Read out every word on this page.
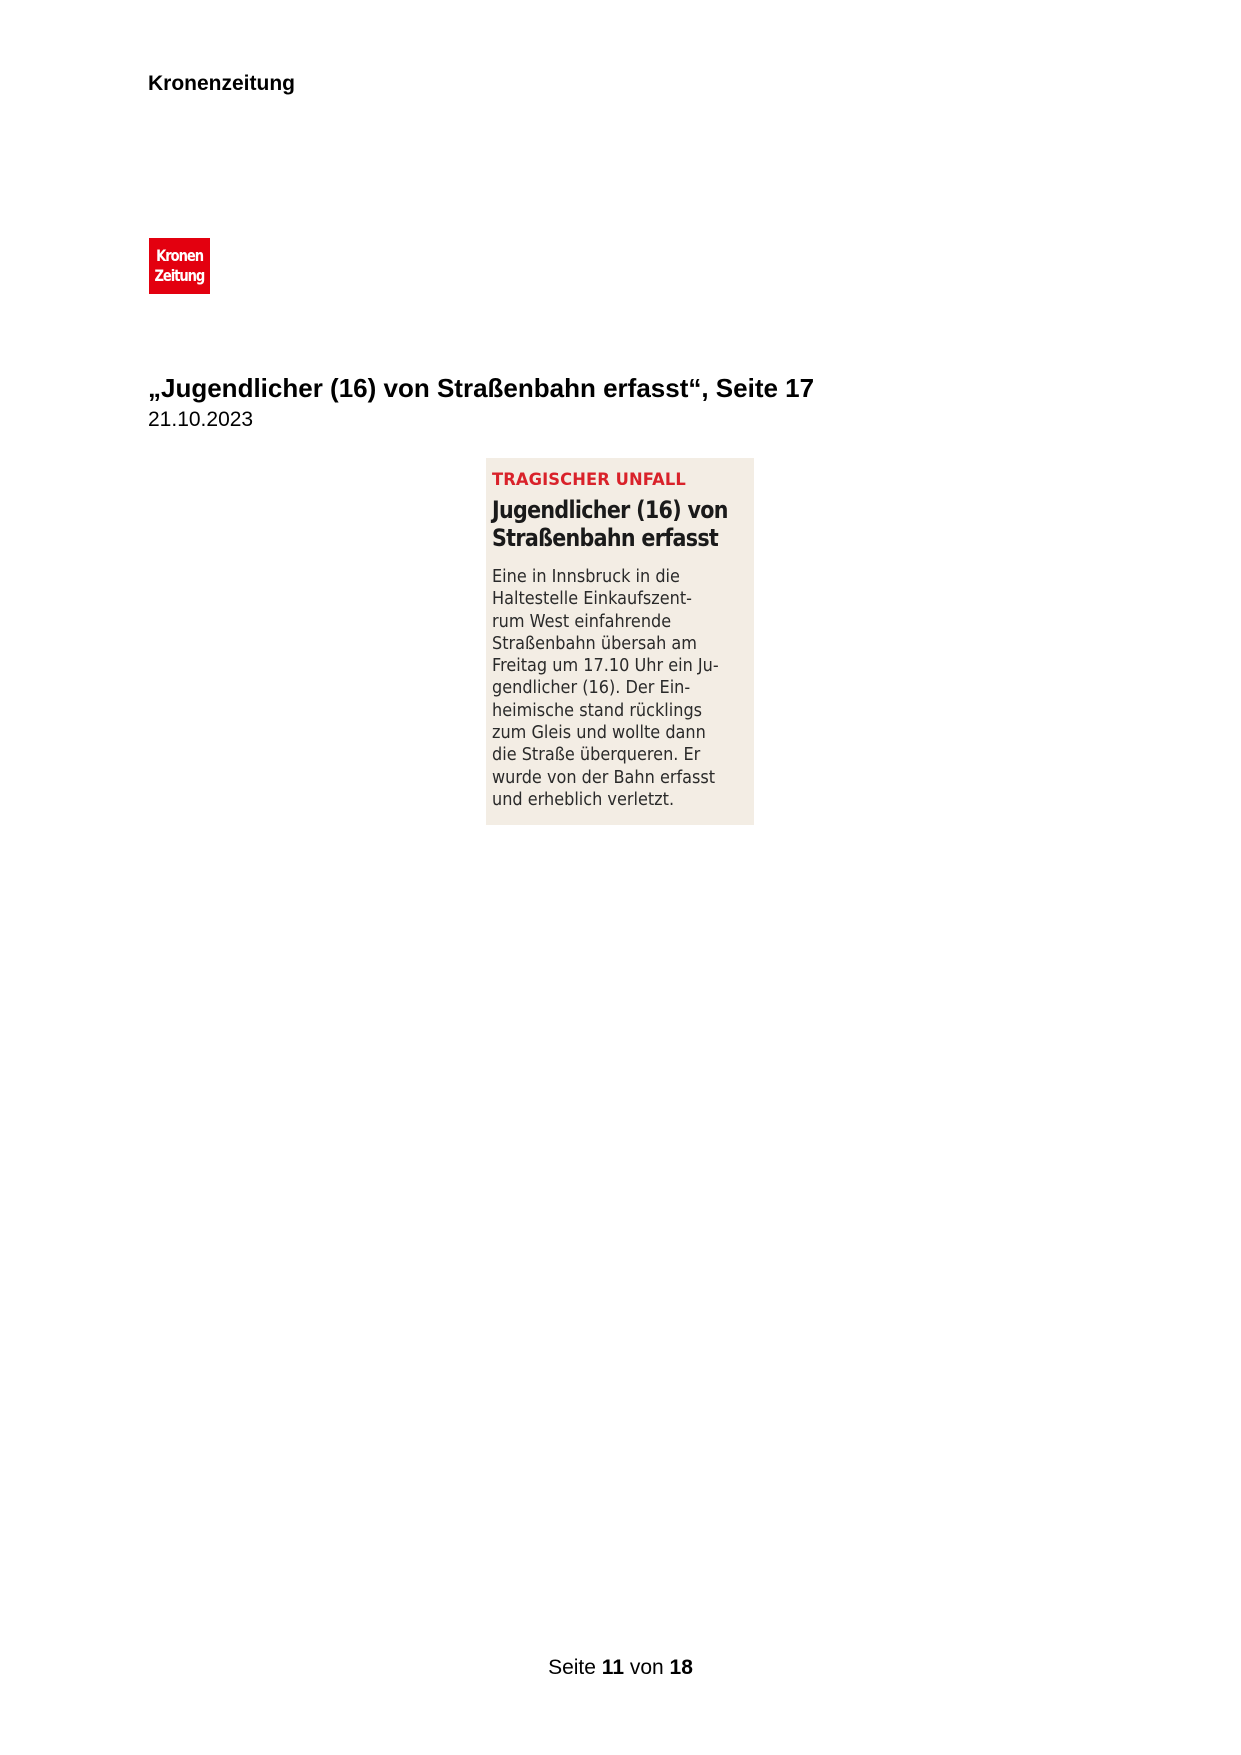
Kronenzeitung
Kronen
Zeitung
„Jugendlicher (16) von Straßenbahn erfasst“, Seite 17
21.10.2023
TRAGISCHER UNFALL
Jugendlicher (16) von
Straßenbahn erfasst
Eine in Innsbruck in die
Haltestelle Einkaufszent-
rum West einfahrende
Straßenbahn übersah am
Freitag um 17.10 Uhr ein Ju-
gendlicher (16). Der Ein-
heimische stand rücklings
zum Gleis und wollte dann
die Straße überqueren. Er
wurde von der Bahn erfasst
und erheblich verletzt.
Seite 11 von 18
